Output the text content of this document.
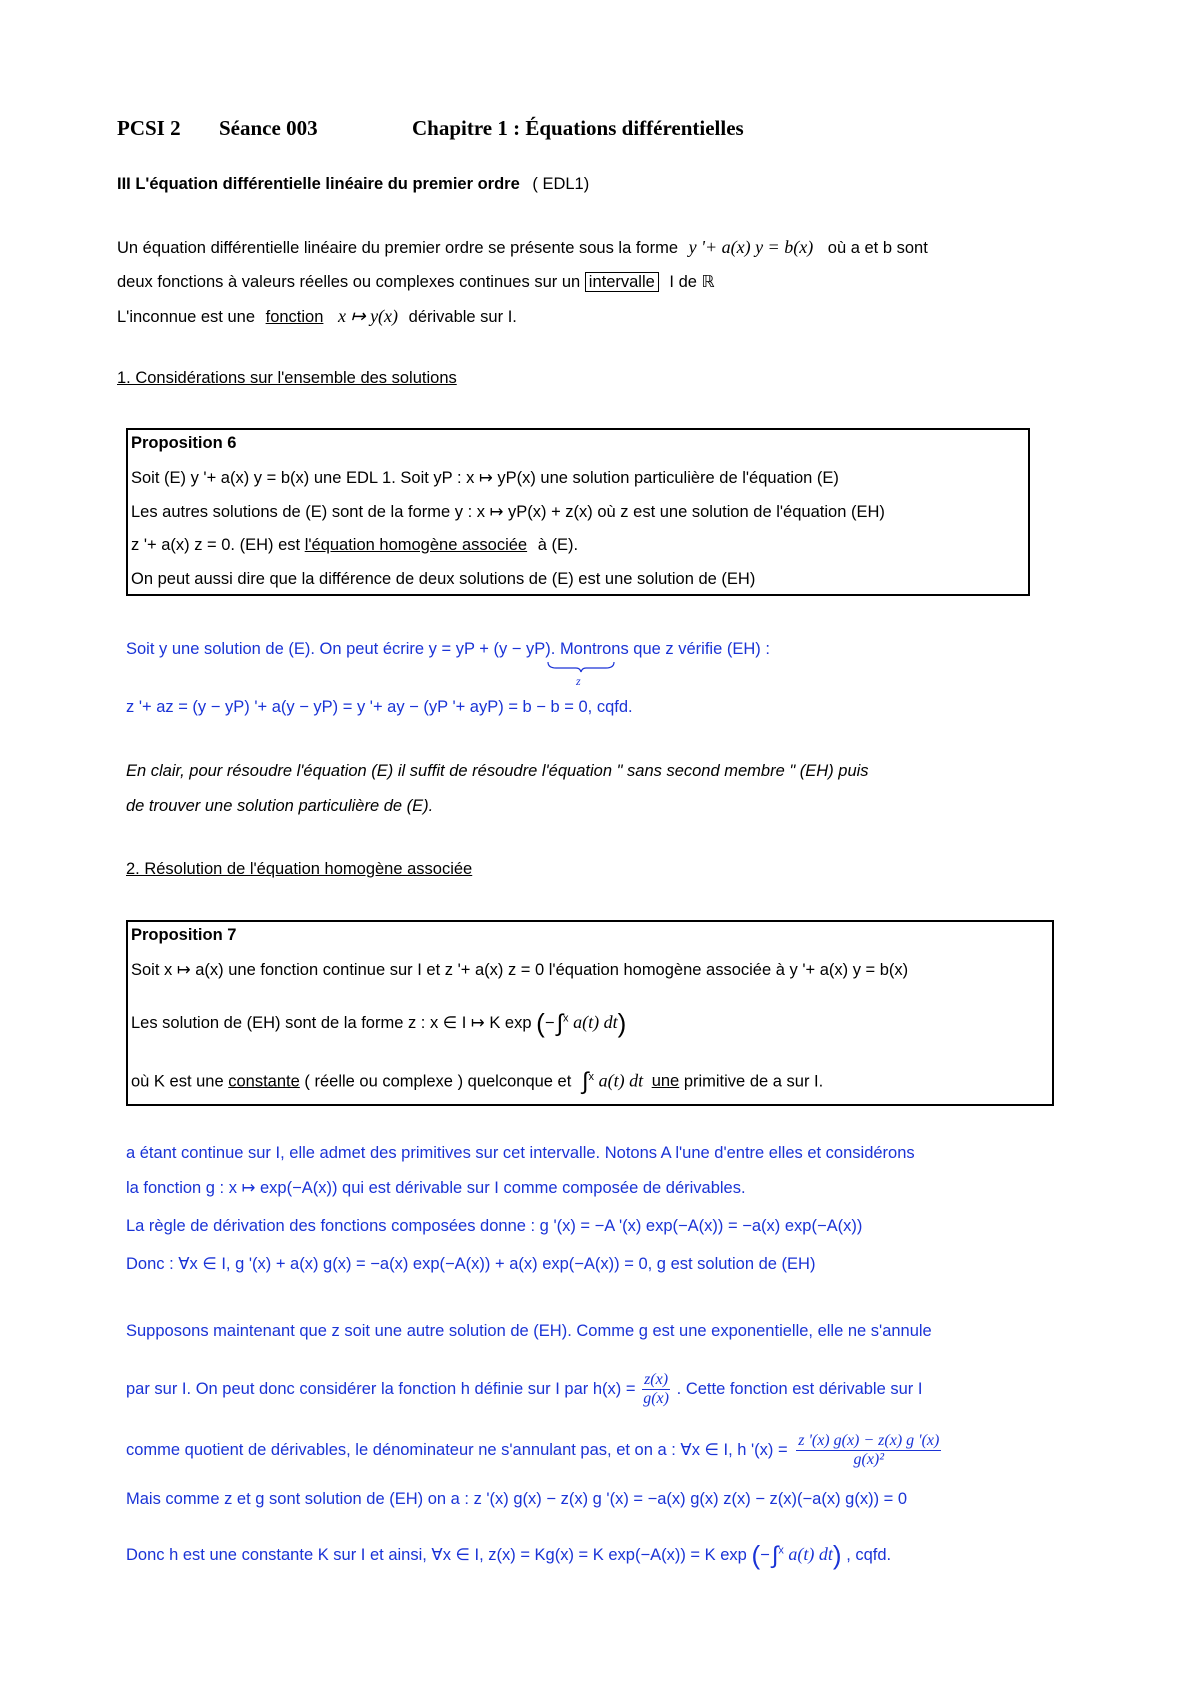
PCSI 2 Séance 003	Chapitre 1 : Équations différentielles
III L'équation différentielle linéaire du premier ordre ( EDL1)
Un équation différentielle linéaire du premier ordre se présente sous la forme y '+ a(x) y = b(x) où a et b sont
deux fonctions à valeurs réelles ou complexes continues sur un intervalle I de ℝ
L'inconnue est une fonction x ↦ y(x) dérivable sur I.
1. Considérations sur l'ensemble des solutions
Proposition 6
Soit (E) y '+ a(x) y = b(x) une EDL 1. Soit yP : x ↦ yP(x) une solution particulière de l'équation (E)
Les autres solutions de (E) sont de la forme y : x ↦ yP(x) + z(x) où z est une solution de l'équation (EH)
z '+ a(x) z = 0. (EH) est l'équation homogène associée à (E).
On peut aussi dire que la différence de deux solutions de (E) est une solution de (EH)
Soit y une solution de (E). On peut écrire y = yP + (y − yP). Montrons que z vérifie (EH) :
z
z '+ az = (y − yP) '+ a(y − yP) = y '+ ay − (yP '+ ayP) = b − b = 0, cqfd.
En clair, pour résoudre l'équation (E) il suffit de résoudre l'équation " sans second membre " (EH) puis
de trouver une solution particulière de (E).
2. Résolution de l'équation homogène associée
Proposition 7
Soit x ↦ a(x) une fonction continue sur I et z '+ a(x) z = 0 l'équation homogène associée à y '+ a(x) y = b(x)
Les solution de (EH) sont de la forme z : x ∈ I ↦ K exp (−∫$^x$ a(t) dt)
où K est une constante ( réelle ou complexe ) quelconque et ∫$^x$ a(t) dt une primitive de a sur I.
a étant continue sur I, elle admet des primitives sur cet intervalle. Notons A l'une d'entre elles et considérons
la fonction g : x ↦ exp(−A(x)) qui est dérivable sur I comme composée de dérivables.
La règle de dérivation des fonctions composées donne : g '(x) = −A '(x) exp(−A(x)) = −a(x) exp(−A(x))
Donc : ∀x ∈ I, g '(x) + a(x) g(x) = −a(x) exp(−A(x)) + a(x) exp(−A(x)) = 0, g est solution de (EH)
Supposons maintenant que z soit une autre solution de (EH). Comme g est une exponentielle, elle ne s'annule
par sur I. On peut donc considérer la fonction h définie sur I par $h(x) = \frac{z(x)}{g(x)}$ . Cette fonction est dérivable sur I
comme quotient de dérivables, le dénominateur ne s'annulant pas, et on a : ∀x ∈ I, h '$(x) = \frac{z '(x) g(x) - z(x) g '(x)}{\text{g(x)²}}$
Mais comme z et g sont solution de (EH) on a : z '(x) g(x) − z(x) g '(x) = −a(x) g(x) z(x) − z(x)(−a(x) g(x)) = 0
Donc h est une constante K sur I et ainsi, ∀x ∈ I, z(x) = Kg(x) = K exp(−A(x)) = K exp (−∫$^x$ a(t) dt) , cqfd.
